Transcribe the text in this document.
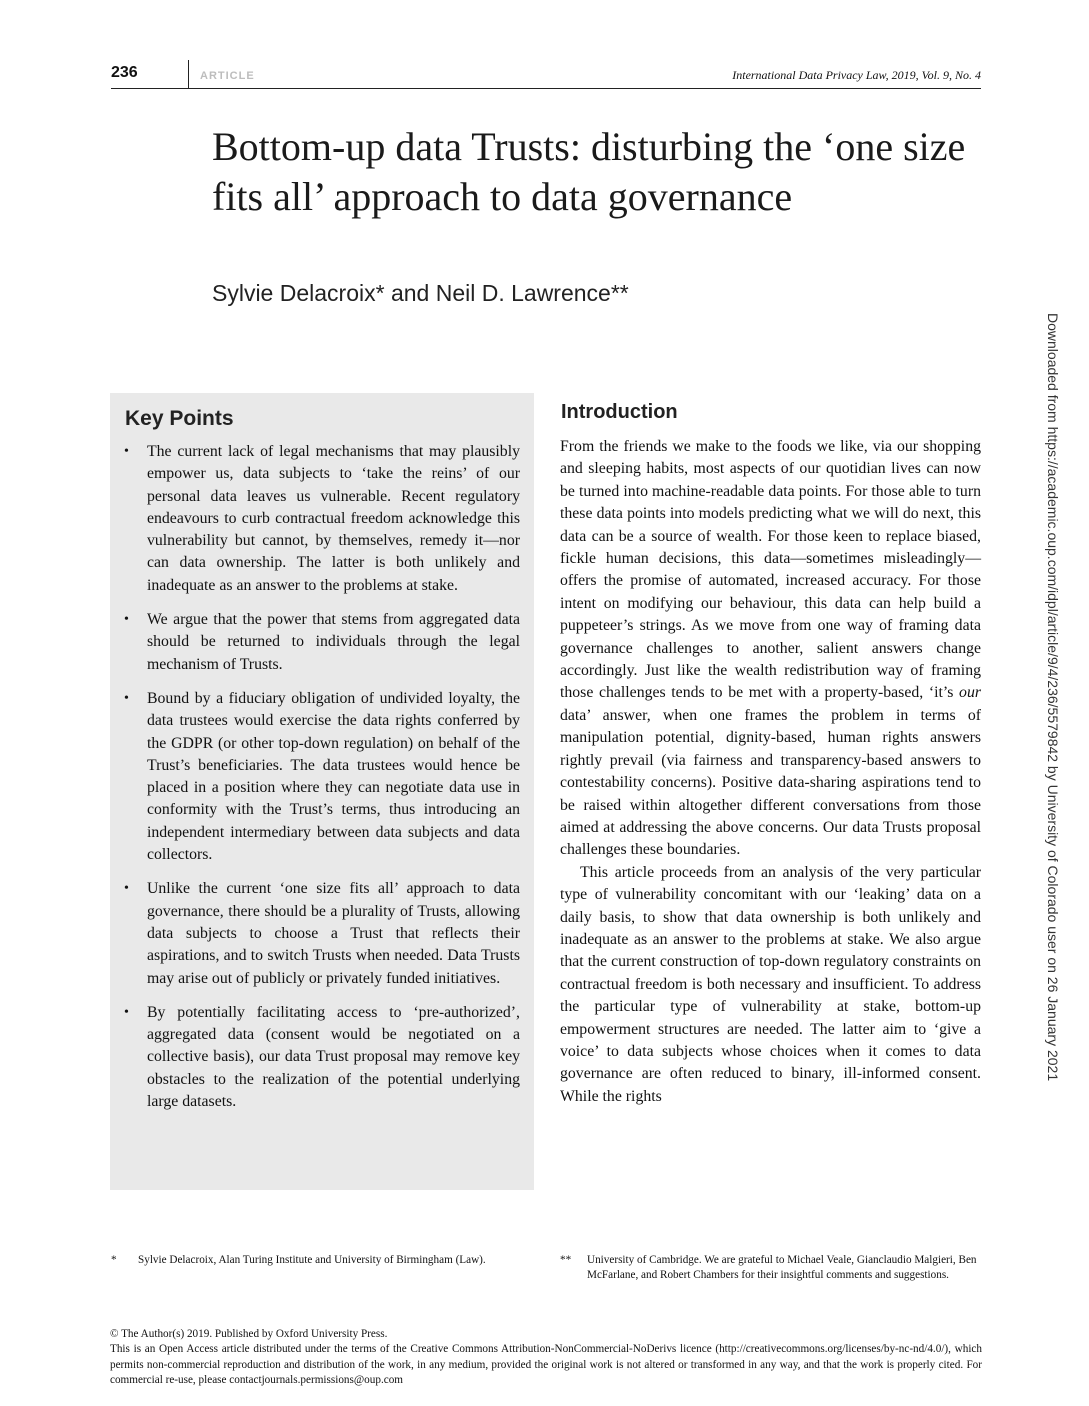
236	ARTICLE	International Data Privacy Law, 2019, Vol. 9, No. 4
Bottom-up data Trusts: disturbing the ‘one size fits all’ approach to data governance
Sylvie Delacroix* and Neil D. Lawrence**
Key Points
• The current lack of legal mechanisms that may plausibly empower us, data subjects to ‘take the reins’ of our personal data leaves us vulnerable. Recent regulatory endeavours to curb contractual freedom acknowledge this vulnerability but cannot, by themselves, remedy it—nor can data ownership. The latter is both unlikely and inadequate as an answer to the problems at stake.
• We argue that the power that stems from aggregated data should be returned to individuals through the legal mechanism of Trusts.
• Bound by a fiduciary obligation of undivided loyalty, the data trustees would exercise the data rights conferred by the GDPR (or other top-down regulation) on behalf of the Trust’s beneficiaries. The data trustees would hence be placed in a position where they can negotiate data use in conformity with the Trust’s terms, thus introducing an independent intermediary between data subjects and data collectors.
• Unlike the current ‘one size fits all’ approach to data governance, there should be a plurality of Trusts, allowing data subjects to choose a Trust that reflects their aspirations, and to switch Trusts when needed. Data Trusts may arise out of publicly or privately funded initiatives.
• By potentially facilitating access to ‘pre-authorized’, aggregated data (consent would be negotiated on a collective basis), our data Trust proposal may remove key obstacles to the realization of the potential underlying large datasets.
Introduction

From the friends we make to the foods we like, via our shopping and sleeping habits, most aspects of our quotidian lives can now be turned into machine-readable data points. For those able to turn these data points into models predicting what we will do next, this data can be a source of wealth. For those keen to replace biased, fickle human decisions, this data—sometimes misleadingly—offers the promise of automated, increased accuracy. For those intent on modifying our behaviour, this data can help build a puppeteer’s strings. As we move from one way of framing data governance challenges to another, salient answers change accordingly. Just like the wealth redistribution way of framing those challenges tends to be met with a property-based, ‘it’s our data’ answer, when one frames the problem in terms of manipulation potential, dignity-based, human rights answers rightly prevail (via fairness and transparency-based answers to contestability concerns). Positive data-sharing aspirations tend to be raised within altogether different conversations from those aimed at addressing the above concerns. Our data Trusts proposal challenges these boundaries.

This article proceeds from an analysis of the very particular type of vulnerability concomitant with our ‘leaking’ data on a daily basis, to show that data ownership is both unlikely and inadequate as an answer to the problems at stake. We also argue that the current construction of top-down regulatory constraints on contractual freedom is both necessary and insufficient. To address the particular type of vulnerability at stake, bottom-up empowerment structures are needed. The latter aim to ‘give a voice’ to data subjects whose choices when it comes to data governance are often reduced to binary, ill-informed consent. While the rights

* Sylvie Delacroix, Alan Turing Institute and University of Birmingham (Law).	** University of Cambridge. We are grateful to Michael Veale, Gianclaudio Malgieri, Ben McFarlane, and Robert Chambers for their insightful comments and suggestions.
© The Author(s) 2019. Published by Oxford University Press.
This is an Open Access article distributed under the terms of the Creative Commons Attribution-NonCommercial-NoDerivs licence (http://creativecommons.org/licenses/by-nc-nd/4.0/), which permits non-commercial reproduction and distribution of the work, in any medium, provided the original work is not altered or transformed in any way, and that the work is properly cited. For commercial re-use, please contactjournals.permissions@oup.com
Downloaded from https://academic.oup.com/idpl/article/9/4/236/5579842 by University of Colorado user on 26 January 2021
